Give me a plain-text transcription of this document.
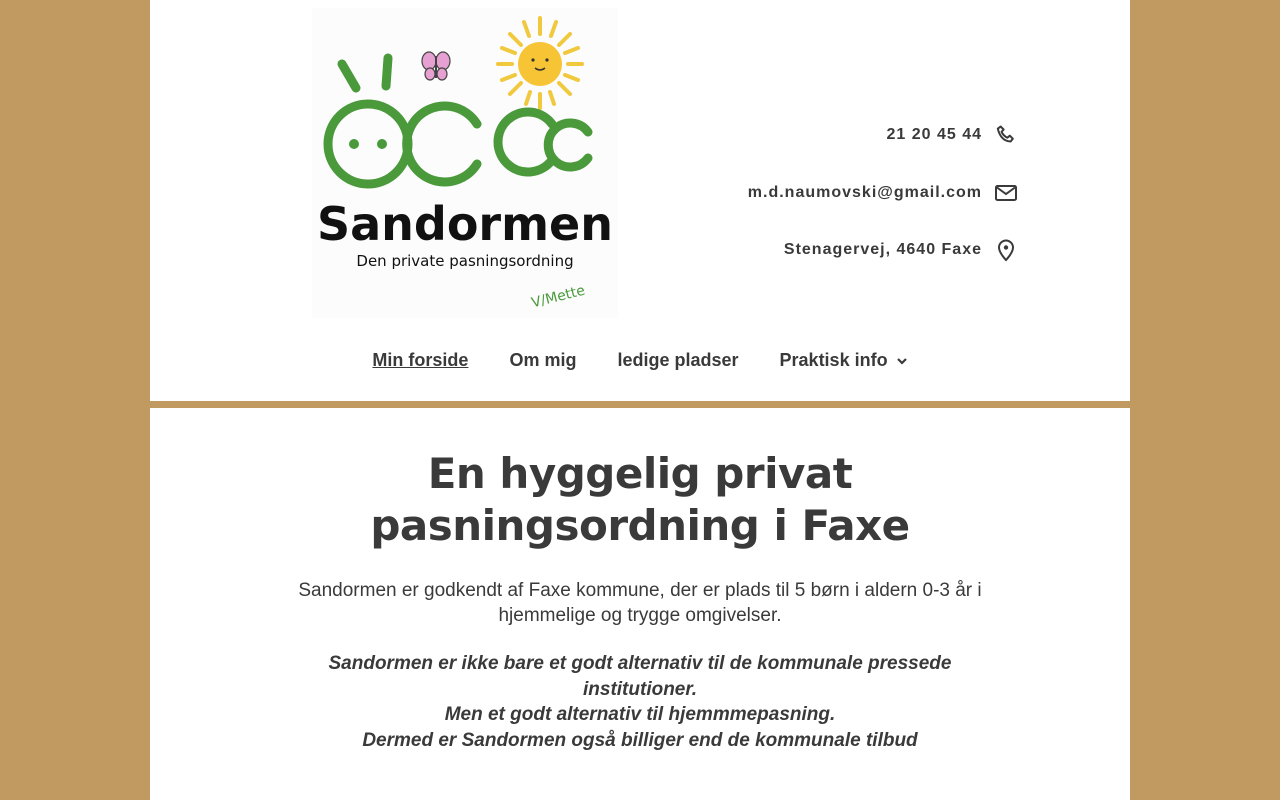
Sandormen
Den private pasningsordning
V/Mette
21 20 45 44
m.d.naumovski@gmail.com
Stenagervej, 4640 Faxe
Min forside Om mig ledige pladser Praktisk info
En hyggelig privat pasningsordning i Faxe

Sandormen er godkendt af Faxe kommune, der er plads til 5 børn i aldern 0-3 år i hjemmelige og trygge omgivelser.

Sandormen er ikke bare et godt alternativ til de kommunale pressede institutioner.
Men et godt alternativ til hjemmmepasning.
Dermed er Sandormen også billiger end de kommunale tilbud
